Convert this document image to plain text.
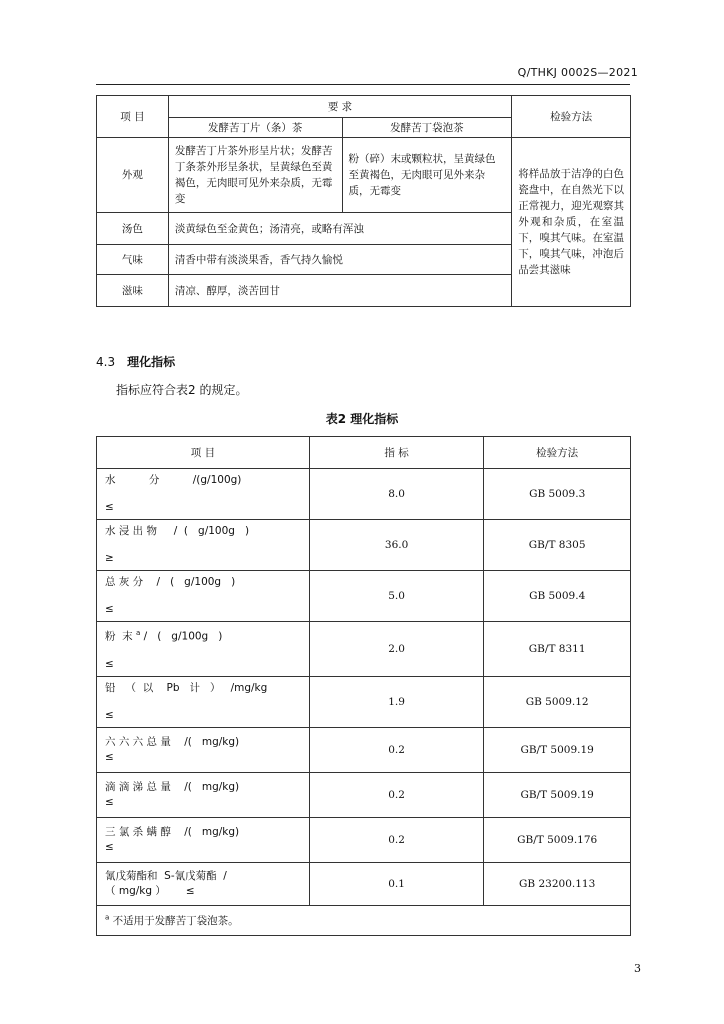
Q/THKJ 0002S—2021
项 目	要 求		检验方法
	发酵苦丁片（条）茶	发酵苦丁袋泡茶	
外观	发酵苦丁片茶外形呈片状；发酵苦丁条茶外形呈条状，呈黄绿色至黄褐色，无肉眼可见外来杂质，无霉变	粉（碎）末或颗粒状，呈黄绿色至黄褐色，无肉眼可见外来杂质，无霉变	将样品放于洁净的白色瓷盘中，在自然光下以正常视力，迎光观察其外观和杂质，在室温下，嗅其气味。在室温下，嗅其气味，冲泡后品尝其滋味
汤色	淡黄绿色至金黄色；汤清亮，或略有浑浊		
气味	清香中带有淡淡果香，香气持久愉悦		
滋味	清凉、醇厚，淡苦回甘		
4.3 理化指标
指标应符合表2 的规定。
表2 理化指标
项 目	指 标	检验方法

水          分          /(g/100g)
≤	8.0	GB 5009.3

水 浸 出 物     /  (   g/100g   )
≥	36.0	GB/T 8305

总 灰 分    /   (   g/100g   )
≤	5.0	GB 5009.4

粉  末 $^a$ /   (   g/100g   )
≤	2.0	GB/T 8311

铅   （  以    Pb   计   ）   /mg/kg
≤	1.9	GB 5009.12

六 六 六 总 量    /(   mg/kg)
≤	0.2	GB/T 5009.19

滴 滴 涕 总 量    /(   mg/kg)
≤	0.2	GB/T 5009.19

三 氯 杀 螨 醇    /(   mg/kg)
≤	0.2	GB/T 5009.176

氰戊菊酯和  S-氰戊菊酯  /
（ mg/kg ）      ≤	0.1	GB 23200.113
$^a$ 不适用于发酵苦丁袋泡茶。		
3
